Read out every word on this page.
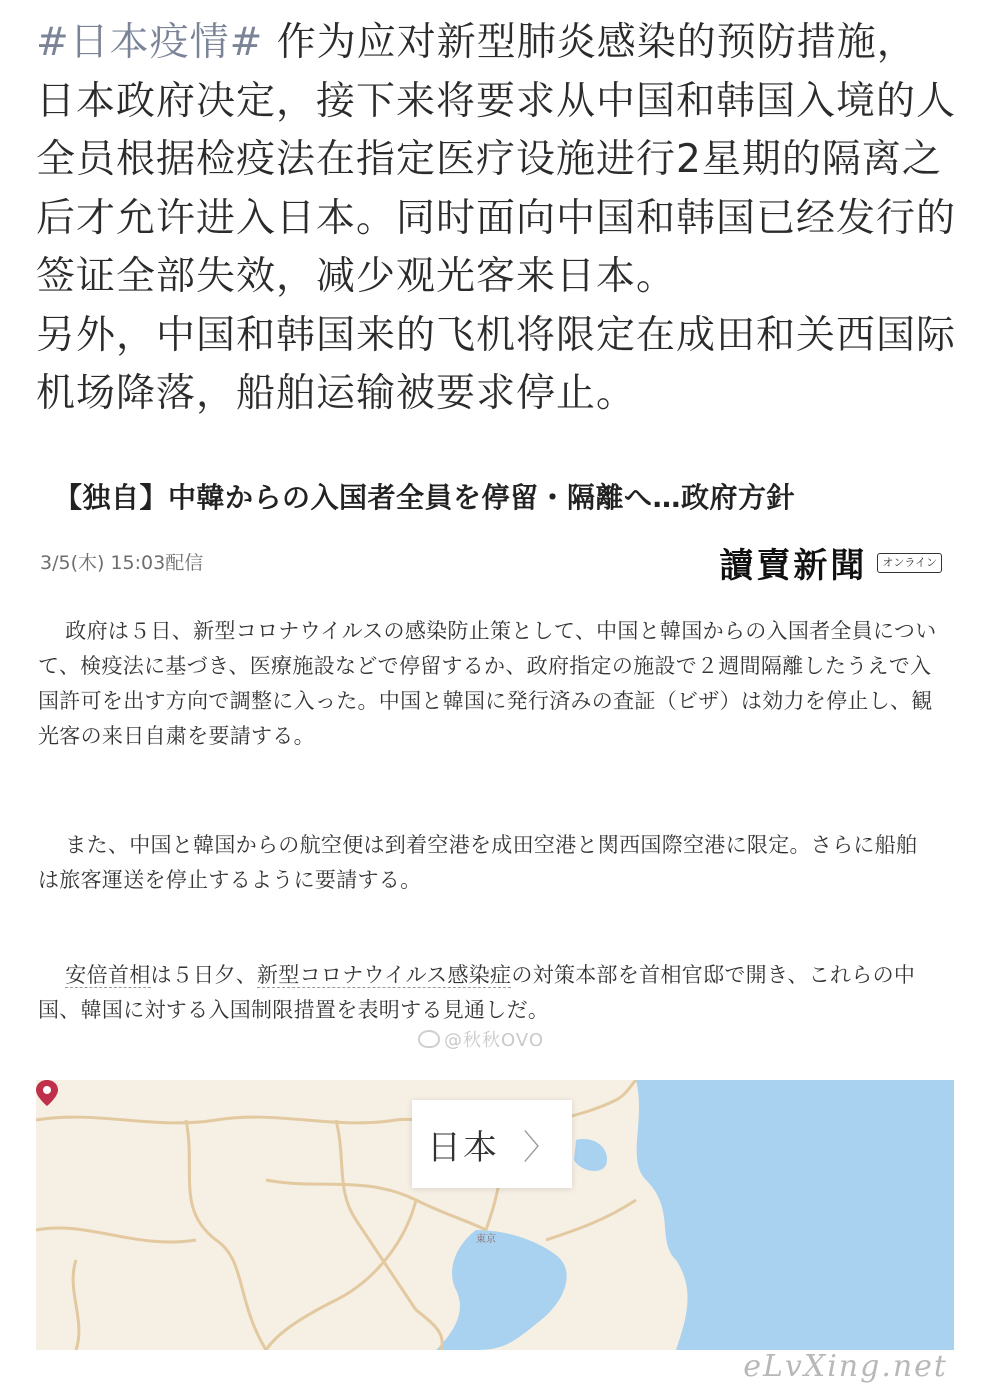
#日本疫情# 作为应对新型肺炎感染的预防措施，日本政府决定，接下来将要求从中国和韩国入境的人全员根据检疫法在指定医疗设施进行2星期的隔离之后才允许进入日本。同时面向中国和韩国已经发行的签证全部失效，减少观光客来日本。
另外，中国和韩国来的飞机将限定在成田和关西国际机场降落，船舶运输被要求停止。
【独自】中韓からの入国者全員を停留・隔離へ…政府方針
3/5(木) 15:03配信	讀賣新聞	オンライン
政府は５日、新型コロナウイルスの感染防止策として、中国と韓国からの入国者全員について、検疫法に基づき、医療施設などで停留するか、政府指定の施設で２週間隔離したうえで入国許可を出す方向で調整に入った。中国と韓国に発行済みの査証（ビザ）は効力を停止し、観光客の来日自粛を要請する。
また、中国と韓国からの航空便は到着空港を成田空港と関西国際空港に限定。さらに船舶は旅客運送を停止するように要請する。
安倍首相は５日夕、新型コロナウイルス感染症の対策本部を首相官邸で開き、これらの中国、韓国に対する入国制限措置を表明する見通しだ。
@秋秋OVO
日本 〉
東京
eLvXing.net
